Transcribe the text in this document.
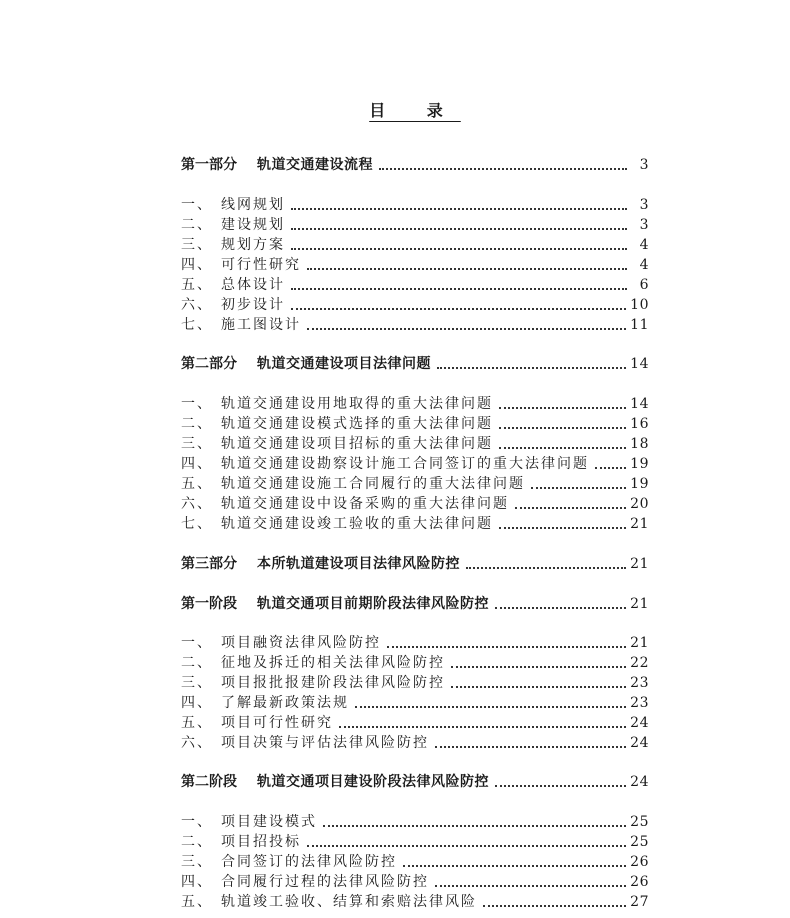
目 录
第一部分	轨道交通建设流程	3
一、 线网规划	3
二、 建设规划	3
三、 规划方案	4
四、 可行性研究	4
五、 总体设计	6
六、 初步设计	10
七、 施工图设计	11
第二部分	轨道交通建设项目法律问题	14
一、 轨道交通建设用地取得的重大法律问题	14
二、 轨道交通建设模式选择的重大法律问题	16
三、 轨道交通建设项目招标的重大法律问题	18
四、 轨道交通建设勘察设计施工合同签订的重大法律问题	19
五、 轨道交通建设施工合同履行的重大法律问题	19
六、 轨道交通建设中设备采购的重大法律问题	20
七、 轨道交通建设竣工验收的重大法律问题	21
第三部分	本所轨道建设项目法律风险防控	21
第一阶段	轨道交通项目前期阶段法律风险防控	21
一、 项目融资法律风险防控	21
二、 征地及拆迁的相关法律风险防控	22
三、 项目报批报建阶段法律风险防控	23
四、 了解最新政策法规	23
五、 项目可行性研究	24
六、 项目决策与评估法律风险防控	24
第二阶段	轨道交通项目建设阶段法律风险防控	24
一、 项目建设模式	25
二、 项目招投标	25
三、 合同签订的法律风险防控	26
四、 合同履行过程的法律风险防控	26
五、 轨道竣工验收、结算和索赔法律风险	27
